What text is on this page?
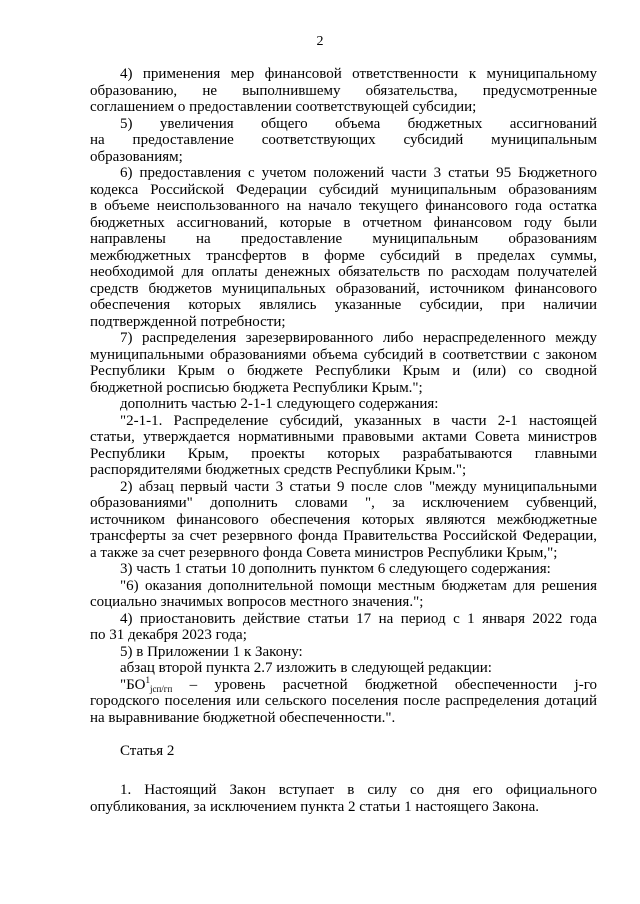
2
4) применения мер финансовой ответственности к муниципальному
образованию, не выполнившему обязательства, предусмотренные
соглашением о предоставлении соответствующей субсидии;
5) увеличения общего объема бюджетных ассигнований
на предоставление соответствующих субсидий муниципальным
образованиям;
6) предоставления с учетом положений части 3 статьи 95 Бюджетного
кодекса Российской Федерации субсидий муниципальным образованиям
в объеме неиспользованного на начало текущего финансового года остатка
бюджетных ассигнований, которые в отчетном финансовом году были
направлены на предоставление муниципальным образованиям
межбюджетных трансфертов в форме субсидий в пределах суммы,
необходимой для оплаты денежных обязательств по расходам получателей
средств бюджетов муниципальных образований, источником финансового
обеспечения которых являлись указанные субсидии, при наличии
подтвержденной потребности;
7) распределения зарезервированного либо нераспределенного между
муниципальными образованиями объема субсидий в соответствии с законом
Республики Крым о бюджете Республики Крым и (или) со сводной
бюджетной росписью бюджета Республики Крым.";
дополнить частью 2-1-1 следующего содержания:
"2-1-1. Распределение субсидий, указанных в части 2-1 настоящей
статьи, утверждается нормативными правовыми актами Совета министров
Республики Крым, проекты которых разрабатываются главными
распорядителями бюджетных средств Республики Крым.";
2) абзац первый части 3 статьи 9 после слов "между муниципальными
образованиями" дополнить словами ", за исключением субвенций,
источником финансового обеспечения которых являются межбюджетные
трансферты за счет резервного фонда Правительства Российской Федерации,
а также за счет резервного фонда Совета министров Республики Крым,";
3) часть 1 статьи 10 дополнить пунктом 6 следующего содержания:
"6) оказания дополнительной помощи местным бюджетам для решения
социально значимых вопросов местного значения.";
4) приостановить действие статьи 17 на период с 1 января 2022 года
по 31 декабря 2023 года;
5) в Приложении 1 к Закону:
абзац второй пункта 2.7 изложить в следующей редакции:
"$БО^1_{jсп/гп}$ – уровень расчетной бюджетной обеспеченности j-го
городского поселения или сельского поселения после распределения дотаций
на выравнивание бюджетной обеспеченности.".
Статья 2
1. Настоящий Закон вступает в силу со дня его официального
опубликования, за исключением пункта 2 статьи 1 настоящего Закона.
